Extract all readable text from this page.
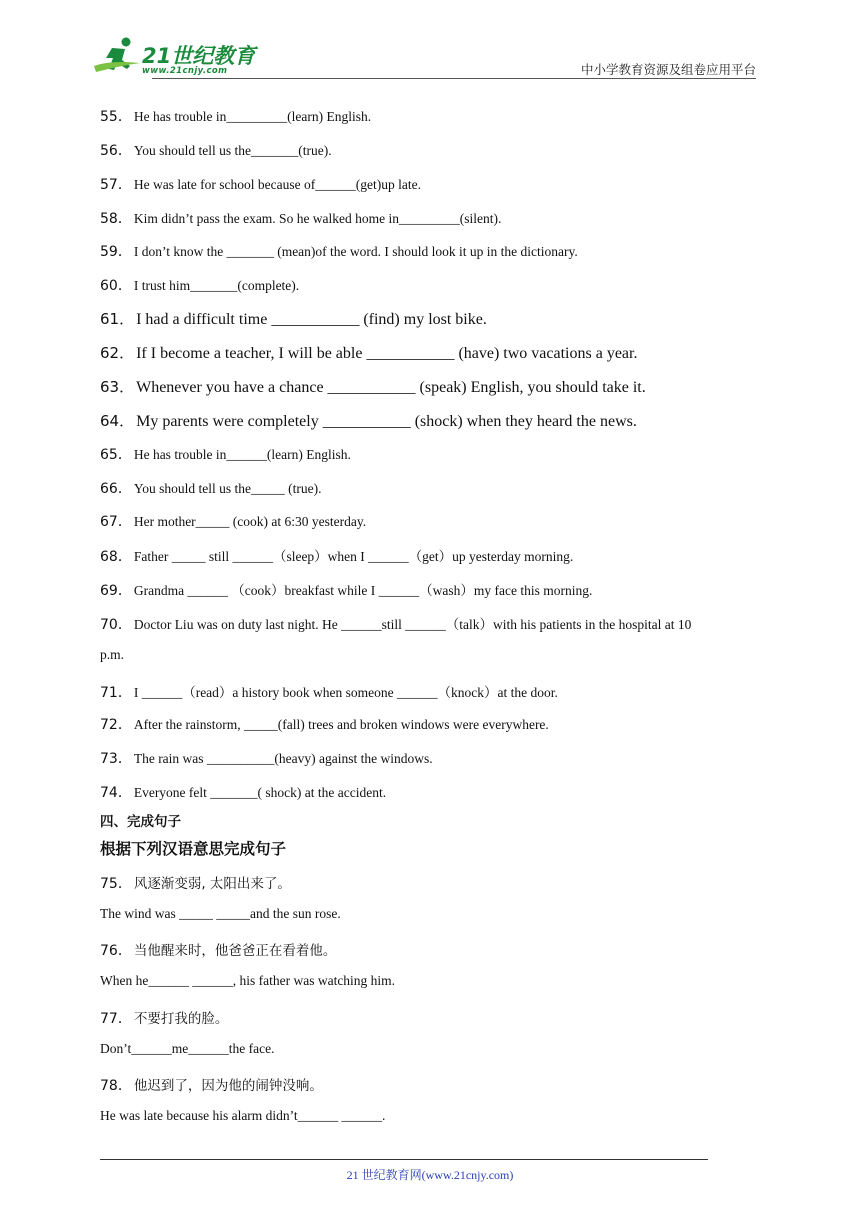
21世纪教育
www.21cnjy.com	中小学教育资源及组卷应用平台
55． He has trouble in_________(learn) English.
56． You should tell us the_______(true).
57． He was late for school because of______(get)up late.
58． Kim didn’t pass the exam. So he walked home in_________(silent).
59． I don’t know the _______ (mean)of the word. I should look it up in the dictionary.
60． I trust him_______(complete).
61． I had a difficult time ___________ (find) my lost bike.
62． If I become a teacher, I will be able ___________ (have) two vacations a year.
63． Whenever you have a chance ___________ (speak) English, you should take it.
64． My parents were completely ___________ (shock) when they heard the news.
65． He has trouble in______(learn) English.
66． You should tell us the_____ (true).
67． Her mother_____ (cook) at 6:30 yesterday.
68． Father _____ still ______（sleep）when I ______（get）up yesterday morning.
69． Grandma ______ （cook）breakfast while I ______（wash）my face this morning.
70． Doctor Liu was on duty last night. He ______still ______（talk）with his patients in the hospital at 10
p.m.
71． I ______（read）a history book when someone ______（knock）at the door.
72． After the rainstorm, _____(fall) trees and broken windows were everywhere.
73． The rain was __________(heavy) against the windows.
74． Everyone felt _______( shock) at the accident.
四、完成句子
根据下列汉语意思完成句子
75． 风逐渐变弱, 太阳出来了。
The wind was _____ _____and the sun rose.
76． 当他醒来时，他爸爸正在看着他。
When he______ ______, his father was watching him.
77． 不要打我的脸。
Don’t______me______the face.
78． 他迟到了，因为他的闹钟没响。
He was late because his alarm didn’t______ ______.
21 世纪教育网(www.21cnjy.com)
